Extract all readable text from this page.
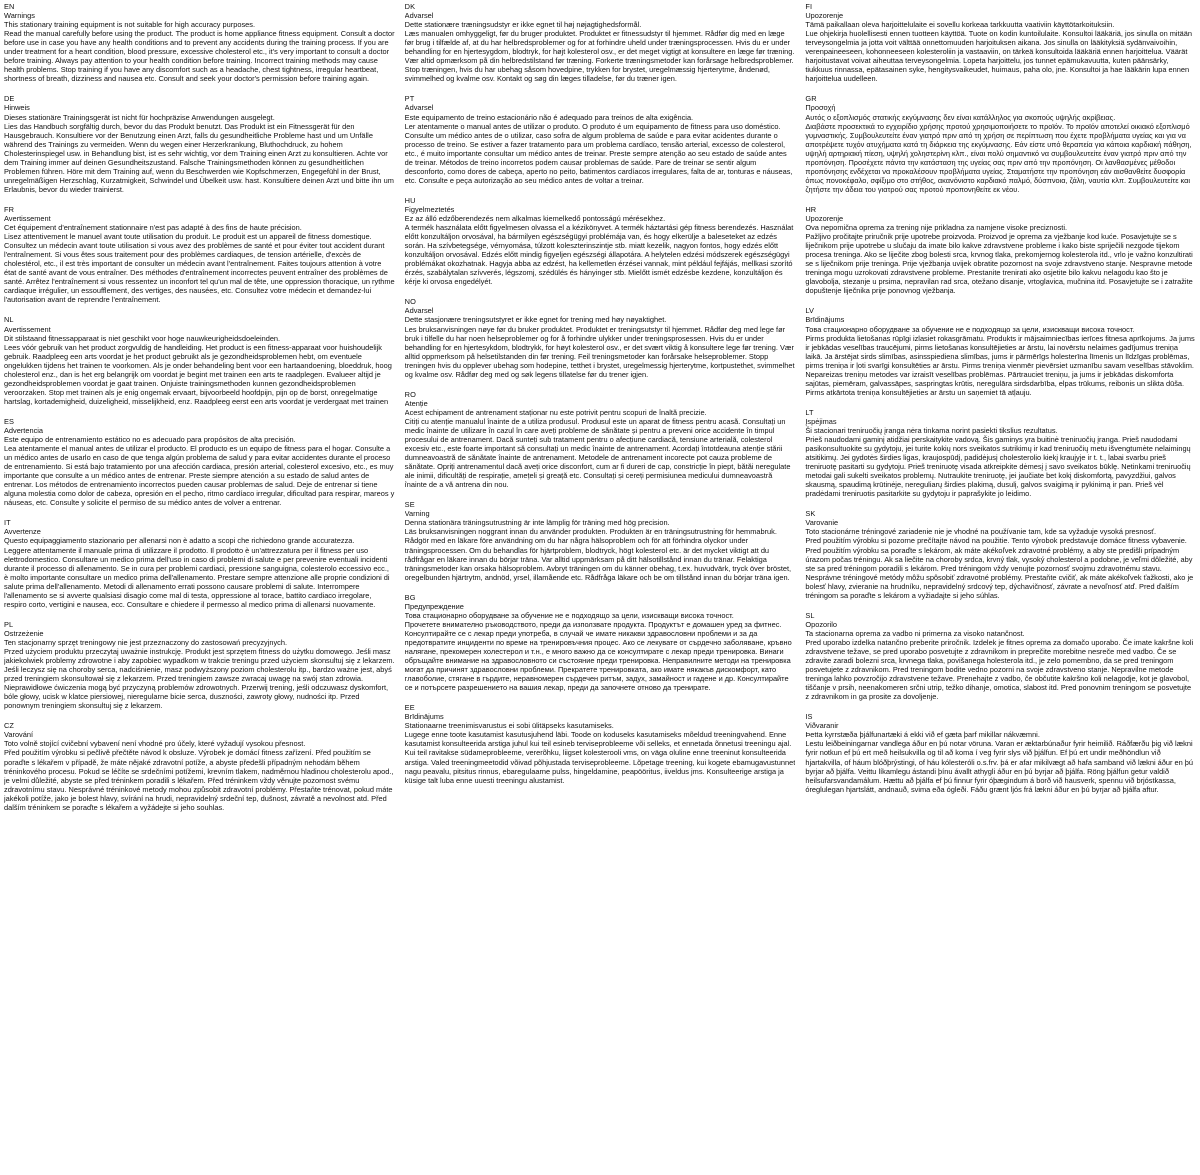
EN
Warnings
This stationary training equipment is not suitable for high accuracy purposes.
Read the manual carefully before using the product. The product is home appliance fitness equipment. Consult a doctor before use in case you have any health conditions and to prevent any accidents during the training process. If you are under treatment for a heart condition, blood pressure, excessive cholesterol etc., it's very important to consult a doctor before training. Always pay attention to your health condition before training. Incorrect training methods may cause health problems. Stop training if you have any discomfort such as a headache, chest tightness, irregular heartbeat, shortness of breath, dizziness and nausea etc. Consult and seek your doctor's permission before training again.
DE
Hinweis
Dieses stationäre Trainingsgerät ist nicht für hochpräzise Anwendungen ausgelegt.
Lies das Handbuch sorgfältig durch, bevor du das Produkt benutzt. Das Produkt ist ein Fitnessgerät für den Hausgebrauch. Konsultiere vor der Benutzung einen Arzt, falls du gesundheitliche Probleme hast und um Unfälle während des Trainings zu vermeiden. Wenn du wegen einer Herzerkrankung, Bluthochdruck, zu hohem Cholesterinspiegel usw. in Behandlung bist, ist es sehr wichtig, vor dem Training einen Arzt zu konsultieren. Achte vor dem Training immer auf deinen Gesundheitszustand. Falsche Trainingsmethoden können zu gesundheitlichen Problemen führen. Höre mit dem Training auf, wenn du Beschwerden wie Kopfschmerzen, Engegefühl in der Brust, unregelmäßigen Herzschlag, Kurzatmigkeit, Schwindel und Übelkeit usw. hast. Konsultiere deinen Arzt und bitte ihn um Erlaubnis, bevor du wieder trainierst.
FR
Avertissement
Cet équipement d'entraînement stationnaire n'est pas adapté à des fins de haute précision.
Lisez attentivement le manuel avant toute utilisation du produit. Le produit est un appareil de fitness domestique. Consultez un médecin avant toute utilisation si vous avez des problèmes de santé et pour éviter tout accident durant l'entraînement. Si vous êtes sous traitement pour des problèmes cardiaques, de tension artérielle, d'excès de cholestérol, etc., il est très important de consulter un médecin avant l'entraînement. Faites toujours attention à votre état de santé avant de vous entraîner. Des méthodes d'entraînement incorrectes peuvent entraîner des problèmes de santé. Arrêtez l'entraînement si vous ressentez un inconfort tel qu'un mal de tête, une oppression thoracique, un rythme cardiaque irrégulier, un essoufflement, des vertiges, des nausées, etc. Consultez votre médecin et demandez-lui l'autorisation avant de reprendre l'entraînement.
NL
Avertissement
Dit stilstaand fitnessapparaat is niet geschikt voor hoge nauwkeurigheidsdoeleinden.
Lees vóór gebruik van het product zorgvuldig de handleiding. Het product is een fitness-apparaat voor huishoudelijk gebruik. Raadpleeg een arts voordat je het product gebruikt als je gezondheidsproblemen hebt, om eventuele ongelukken tijdens het trainen te voorkomen. Als je onder behandeling bent voor een hartaandoening, bloeddruk, hoog cholesterol enz., dan is het erg belangrijk om voordat je begint met trainen een arts te raadplegen. Evalueer altijd je gezondheidsproblemen voordat je gaat trainen. Onjuiste trainingsmethoden kunnen gezondheidsproblemen veroorzaken. Stop met trainen als je enig ongemak ervaart, bijvoorbeeld hoofdpijn, pijn op de borst, onregelmatige hartslag, kortademigheid, duizeligheid, misselijkheid, enz. Raadpleeg eerst een arts voordat je verdergaat met trainen
ES
Advertencia
Este equipo de entrenamiento estático no es adecuado para propósitos de alta precisión.
Lea atentamente el manual antes de utilizar el producto. El producto es un equipo de fitness para el hogar. Consulte a un médico antes de usarlo en caso de que tenga algún problema de salud y para evitar accidentes durante el proceso de entrenamiento. Si está bajo tratamiento por una afección cardiaca, presión arterial, colesterol excesivo, etc., es muy importante que consulte a un médico antes de entrenar. Preste siempre atención a su estado de salud antes de entrenar. Los métodos de entrenamiento incorrectos pueden causar problemas de salud. Deje de entrenar si tiene alguna molestia como dolor de cabeza, opresión en el pecho, ritmo cardíaco irregular, dificultad para respirar, mareos y náuseas, etc. Consulte y solicite el permiso de su médico antes de volver a entrenar.
IT
Avvertenze
Questo equipaggiamento stazionario per allenarsi non è adatto a scopi che richiedono grande accuratezza.
Leggere attentamente il manuale prima di utilizzare il prodotto. Il prodotto è un'attrezzatura per il fitness per uso elettrodomestico. Consultare un medico prima dell'uso in caso di problemi di salute e per prevenire eventuali incidenti durante il processo di allenamento. Se in cura per problemi cardiaci, pressione sanguigna, colesterolo eccessivo ecc., è molto importante consultare un medico prima dell'allenamento. Prestare sempre attenzione alle proprie condizioni di salute prima dell'allenamento. Metodi di allenamento errati possono causare problemi di salute. Interrompere l'allenamento se si avverte qualsiasi disagio come mal di testa, oppressione al torace, battito cardiaco irregolare, respiro corto, vertigini e nausea, ecc. Consultare e chiedere il permesso al medico prima di allenarsi nuovamente.
PL
Ostrzeżenie
Ten stacjonarny sprzęt treningowy nie jest przeznaczony do zastosowań precyzyjnych.
Przed użyciem produktu przeczytaj uważnie instrukcję. Produkt jest sprzętem fitness do użytku domowego. Jeśli masz jakiekolwiek problemy zdrowotne i aby zapobiec wypadkom w trakcie treningu przed użyciem skonsultuj się z lekarzem. Jeśli leczysz się na choroby serca, nadciśnienie, masz podwyższony poziom cholesterolu itp., bardzo ważne jest, abyś przed treningiem skonsultował się z lekarzem. Przed treningiem zawsze zwracaj uwagę na swój stan zdrowia. Nieprawidłowe ćwiczenia mogą być przyczyną problemów zdrowotnych. Przerwij trening, jeśli odczuwasz dyskomfort, bóle głowy, ucisk w klatce piersiowej, nieregularne bicie serca, duszności, zawroty głowy, nudności itp. Przed ponownym treningiem skonsultuj się z lekarzem.
CZ
Varování
Toto volně stojící cvičební vybavení není vhodné pro účely, které vyžadují vysokou přesnost.
Před použitím výrobku si pečlivě přečtěte návod k obsluze. Výrobek je domácí fitness zařízení. Před použitím se poraďte s lékařem v případě, že máte nějaké zdravotní potíže, a abyste předešli případným nehodám během tréninkového procesu. Pokud se léčíte se srdečními potížemi, krevním tlakem, nadměrnou hladinou cholesterolu apod., je velmi důležité, abyste se před tréninkem poradili s lékařem. Před tréninkem vždy věnujte pozornost svému zdravotnímu stavu. Nesprávné tréninkové metody mohou způsobit zdravotní problémy. Přestaňte trénovat, pokud máte jakékoli potíže, jako je bolest hlavy, svírání na hrudi, nepravidelný srdeční tep, dušnost, závratě a nevolnost atd. Před dalším tréninkem se poraďte s lékařem a vyžádejte si jeho souhlas.
DK
Advarsel
Dette stationære træningsudstyr er ikke egnet til høj nøjagtighedsformål.
Læs manualen omhyggeligt, før du bruger produktet. Produktet er fitnessudstyr til hjemmet. Rådfør dig med en læge før brug i tilfælde af, at du har helbredsproblemer og for at forhindre uheld under træningsprocessen. Hvis du er under behandling for en hjertesygdom, blodtryk, for højt kolesterol osv., er det meget vigtigt at konsultere en læge før træning. Vær altid opmærksom på din helbredstilstand før træning. Forkerte træningsmetoder kan forårsage helbredsproblemer. Stop træningen, hvis du har ubehag såsom hovedpine, trykken for brystet, uregelmæssig hjerterytme, åndenød, svimmelhed og kvalme osv. Kontakt og søg din læges tilladelse, før du træner igen.
PT
Advarsel
Este equipamento de treino estacionário não é adequado para treinos de alta exigência.
Ler atentamente o manual antes de utilizar o produto. O produto é um equipamento de fitness para uso doméstico. Consulte um médico antes de o utilizar, caso sofra de algum problema de saúde e para evitar acidentes durante o processo de treino. Se estiver a fazer tratamento para um problema cardíaco, tensão arterial, excesso de colesterol, etc., é muito importante consultar um médico antes de treinar. Preste sempre atenção ao seu estado de saúde antes de treinar. Métodos de treino incorretos podem causar problemas de saúde. Pare de treinar se sentir algum desconforto, como dores de cabeça, aperto no peito, batimentos cardíacos irregulares, falta de ar, tonturas e náuseas, etc. Consulte e peça autorização ao seu médico antes de voltar a treinar.
HU
Figyelmeztetés
Ez az álló edzőberendezés nem alkalmas kiemelkedő pontosságú mérésekhez.
A termék használata előtt figyelmesen olvassa el a kézikönyvet. A termék háztartási gép fitness berendezés. Használat előtt konzultáljon orvosával, ha bármilyen egészségügyi problémája van, és hogy elkerülje a baleseteket az edzés során. Ha szívbetegsége, vérnyomása, túlzott koleszterinszintje stb. miatt kezelik, nagyon fontos, hogy edzés előtt konzultáljon orvosával. Edzés előtt mindig figyeljen egészségi állapotára. A helytelen edzési módszerek egészségügyi problémákat okozhatnak. Hagyja abba az edzést, ha kellemetlen érzései vannak, mint például fejfájás, mellkasi szorító érzés, szabálytalan szívverés, légszomj, szédülés és hányinger stb. Mielőtt ismét edzésbe kezdene, konzultáljon és kérje ki orvosa engedélyét.
NO
Advarsel
Dette stasjonære treningsutstyret er ikke egnet for trening med høy nøyaktighet.
Les bruksanvisningen nøye før du bruker produktet. Produktet er treningsutstyr til hjemmet. Rådfør deg med lege før bruk i tilfelle du har noen helseproblemer og for å forhindre ulykker under treningsprosessen. Hvis du er under behandling for en hjertesykdom, blodtrykk, for høyt kolesterol osv., er det svært viktig å konsultere lege før trening. Vær alltid oppmerksom på helsetilstanden din før trening. Feil treningsmetoder kan forårsake helseproblemer. Stopp treningen hvis du opplever ubehag som hodepine, tetthet i brystet, uregelmessig hjerterytme, kortpustethet, svimmelhet og kvalme osv. Rådfør deg med og søk legens tillatelse før du trener igjen.
RO
Atenție
Acest echipament de antrenament staționar nu este potrivit pentru scopuri de înaltă precizie.
Citiți cu atenție manualul înainte de a utiliza produsul. Produsul este un aparat de fitness pentru acasă. Consultați un medic înainte de utilizare în cazul în care aveți probleme de sănătate și pentru a preveni orice accidente în timpul procesului de antrenament. Dacă sunteți sub tratament pentru o afecțiune cardiacă, tensiune arterială, colesterol excesiv etc., este foarte important să consultați un medic înainte de antrenament. Acordați întotdeauna atenție stării dumneavoastră de sănătate înainte de antrenament. Metodele de antrenament incorecte pot cauza probleme de sănătate. Opriți antrenamentul dacă aveți orice disconfort, cum ar fi dureri de cap, constricție în piept, bătăi neregulate ale inimii, dificultăți de respirație, amețeli și greață etc. Consultați și cereți permisiunea medicului dumneavoastră înainte de a vă antrena din nou.
SE
Varning
Denna stationära träningsutrustning är inte lämplig för träning med hög precision.
Läs bruksanvisningen noggrant innan du använder produkten. Produkten är en träningsutrustning för hemmabruk. Rådgör med en läkare före användning om du har några hälsoproblem och för att förhindra olyckor under träningsprocessen. Om du behandlas för hjärtproblem, blodtryck, högt kolesterol etc. är det mycket viktigt att du rådfrågar en läkare innan du börjar träna. Var alltid uppmärksam på ditt hälsotillstånd innan du tränar. Felaktiga träningsmetoder kan orsaka hälsoproblem. Avbryt träningen om du känner obehag, t.ex. huvudvärk, tryck över bröstet, oregelbunden hjärtrytm, andnöd, yrsel, illamående etc. Rådfråga läkare och be om tillstånd innan du börjar träna igen.
BG
Предупреждение
Това стационарно оборудване за обучение не е подходящо за цели, изискващи висока точност.
Прочетете внимателно ръководството, преди да използвате продукта. Продуктът е домашен уред за фитнес. Консултирайте се с лекар преди употреба, в случай че имате никакви здравословни проблеми и за да предотвратите инциденти по време на тренировъчния процес. Ако се лекувате от сърдечно заболяване, кръвно налягане, прекомерен холестерол и т.н., е много важно да се консултирате с лекар преди тренировка. Винаги обръщайте внимание на здравословното си състояние преди тренировка. Неправилните методи на тренировка могат да причинят здравословни проблеми. Прекратете тренировката, ако имате някакъв дискомфорт, като главоболие, стягане в гърдите, неравномерен сърдечен ритъм, задух, замайност и гадене и др. Консултирайте се и потърсете разрешението на вашия лекар, преди да започнете отново да тренирате.
EE
Brīdinājums
Stationaarne treenimisvarustus ei sobi ülitäpseks kasutamiseks.
Lugege enne toote kasutamist kasutusjuhend läbi. Toode on koduseks kasutamiseks mõeldud treeningvahend. Enne kasutamist konsulteerida arstiga juhul kui teil esineb terviseprobleeme või selleks, et ennetada õnnetusi treeningu ajal. Kui teil ravitakse südameprobleeme, vererõhku, liigset kolesterooli vms, on väga oluline enne treeninut konsulteerida arstiga. Valed treeningmeetodid võivad põhjustada terviseprobleeme. Lõpetage treening, kui kogete ebamugavustunnet nagu peavalu, pitsitus rinnus, ebaregulaarne pulss, hingeldamine, peapööritus, iiveldus jms. Konsulteerige arstiga ja küsige talt luba enne uuesti treeningu alustamist.
FI
Upozorenje
Tämä paikallaan oleva harjoittelulaite ei sovellu korkeaa tarkkuutta vaativiin käyttötarkoituksiin.
Lue ohjekirja huolellisesti ennen tuotteen käyttöä. Tuote on kodin kuntoilulaite. Konsultoi lääkäriä, jos sinulla on mitään terveysongelmia ja jotta voit välttää onnettomuuden harjoituksen aikana. Jos sinulla on lääkityksiä sydänvaivoihin, verenpaineeseen, kohonneeseen kolesteroliin ja vastaaviin, on tärkeä konsultoida lääkäriä ennen harjoittelua. Väärät harjoitustavat voivat aiheuttaa terveysongelmia. Lopeta harjoittelu, jos tunnet epämukavuutta, kuten päänsärky, tiukkuus rinnassa, epätasainen syke, hengitysvaikeudet, huimaus, paha olo, jne. Konsultoi ja hae lääkärin lupa ennen harjoittelua uudelleen.
GR
Προσοχή
Αυτός ο εξοπλισμός στατικής εκγύμνασης δεν είναι κατάλληλος για σκοπούς υψηλής ακρίβειας.
Διαβάστε προσεκτικά το εγχειρίδιο χρήσης προτού χρησιμοποιήσετε το προϊόν. Το προϊόν αποτελεί οικιακό εξοπλισμό γυμναστικής. Συμβουλευτείτε έναν γιατρό πριν από τη χρήση σε περίπτωση που έχετε προβλήματα υγείας και για να αποτρέψετε τυχόν ατυχήματα κατά τη διάρκεια της εκγύμνασης. Εάν είστε υπό θεραπεία για κάποια καρδιακή πάθηση, υψηλή αρτηριακή πίεση, υψηλή χοληστερίνη κλπ., είναι πολύ σημαντικό να συμβουλευτείτε έναν γιατρό πριν από την προπόνηση. Προσέχετε πάντα την κατάσταση της υγείας σας πριν από την προπόνηση. Οι λανθασμένες μέθοδοι προπόνησης ενδέχεται να προκαλέσουν προβλήματα υγείας. Σταματήστε την προπόνηση εάν αισθανθείτε δυσφορία όπως πονοκέφαλο, σφίξιμο στο στήθος, ακανόνιστο καρδιακό παλμό, δύσπνοια, ζάλη, ναυτία κλπ. Συμβουλευτείτε και ζητήστε την άδεια του γιατρού σας προτού προπονηθείτε εκ νέου.
HR
Upozorenje
Ova nepomična oprema za trening nije prikladna za namjene visoke preciznosti.
Pažljivo pročitajte priručnik prije upotrebe proizvoda. Proizvod je oprema za vježbanje kod kuće. Posavjetujte se s liječnikom prije upotrebe u slučaju da imate bilo kakve zdravstvene probleme i kako biste spriječili nezgode tijekom procesa treninga. Ako se liječite zbog bolesti srca, krvnog tlaka, prekomjernog kolesterola itd., vrlo je važno konzultirati se s liječnikom prije treninga. Prije vježbanja uvijek obratite pozornost na svoje zdravstveno stanje. Nespravne metode treninga mogu uzrokovati zdravstvene probleme. Prestanite trenirati ako osjetite bilo kakvu nelagodu kao što je glavobolja, stezanje u prsima, nepravilan rad srca, otežano disanje, vrtoglavica, mučnina itd. Posavjetujte se i zatražite dopuštenje liječnika prije ponovnog vježbanja.
LV
Brīdinājums
Това стационарно оборудване за обучение не е подходящо за цели, изискващи висока точност.
Pirms produkta lietošanas rūpīgi izlasiet rokasgrāmatu. Produkts ir mājsaimniecības ierīces fitnesa aprīkojums. Ja jums ir jebkādas veselības traucējumi, pirms lietošanas konsultējieties ar ārstu, lai novērstu nelaimes gadījumus treniņa laikā. Ja ārstējat sirds slimības, asinsspiediena slimības, jums ir pārmērīgs holesterīna līmenis un līdzīgas problēmas, pirms treniņa ir ļoti svarīgi konsultēties ar ārstu. Pirms treniņa vienmēr pievērsiet uzmanību savam veselības stāvoklim. Nepareizas treniņu metodes var izraisīt veselības problēmas. Pārtrauciet treniņu, ja jums ir jebkādas diskomforta sajūtas, piemēram, galvassāpes, saspringtas krūtis, neregulāra sirdsdarbība, elpas trūkums, reibonis un slikta dūša. Pirms atkārtota treniņa konsultējieties ar ārstu un saņemiet tā atļauju.
LT
Įspėjimas
Ši stacionari treniruočių įranga nėra tinkama norint pasiekti tikslius rezultatus.
Prieš naudodami gaminį atidžiai perskaitykite vadovą. Šis gaminys yra buitinė treniruočių įranga. Prieš naudodami pasikonsultuokite su gydytoju, jei turite kokių nors sveikatos sutrikimų ir kad treniruočių metu išvengtumėte nelaimingų atsitikimų. Jei gydotės širdies ligas, kraujospūdį, padidėjusį cholesterolio kiekį kraujyje ir t. t., labai svarbu prieš treniruotę pasitarti su gydytoju. Prieš treniruotę visada atkreipkite dėmesį į savo sveikatos būklę. Netinkami treniruočių metodai gali sukelti sveikatos problemų. Nutraukite treniruotę, jei jaučiate bet kokį diskomfortą, pavyzdžiui, galvos skausmą, spaudimą krūtinėje, nereguliarų širdies plakimą, dusulį, galvos svaigimą ir pykinimą ir pan. Prieš vėl pradėdami treniruotis pasitarkite su gydytoju ir paprašykite jo leidimo.
SK
Varovanie
Toto stacionárne tréningové zariadenie nie je vhodné na používanie tam, kde sa vyžaduje vysoká presnosť.
Pred použitím výrobku si pozorne prečítajte návod na použitie. Tento výrobok predstavuje domáce fitness vybavenie. Pred použitím výrobku sa poraďte s lekárom, ak máte akékoľvek zdravotné problémy, a aby ste predišli prípadným úrazom počas tréningu. Ak sa liečite na choroby srdca, krvný tlak, vysoký cholesterol a podobne, je veľmi dôležité, aby ste sa pred tréningom poradili s lekárom. Pred tréningom vždy venujte pozornosť svojmu zdravotnému stavu. Nesprávne tréningové metódy môžu spôsobiť zdravotné problémy. Prestaňte cvičiť, ak máte akékoľvek ťažkosti, ako je bolesť hlavy, zvieranie na hrudníku, nepravidelný srdcový tep, dýchavičnosť, závrate a nevoľnosť atď. Pred ďalším tréningom sa poraďte s lekárom a vyžiadajte si jeho súhlas.
SL
Opozorilo
Ta stacionarna oprema za vadbo ni primerna za visoko natančnost.
Pred uporabo izdelka natančno preberite priročnik. Izdelek je fitnes oprema za domačo uporabo. Če imate kakršne koli zdravstvene težave, se pred uporabo posvetujte z zdravnikom in preprečite morebitne nesreče med vadbo. Če se zdravite zaradi bolezni srca, krvnega tlaka, povišanega holesterola itd., je zelo pomembno, da se pred treningom posvetujete z zdravnikom. Pred treningom bodite vedno pozorni na svoje zdravstveno stanje. Nepravilne metode treninga lahko povzročijo zdravstvene težave. Prenehajte z vadbo, če občutite kakršno koli nelagodje, kot je glavobol, tiščanje v prsih, neenakomeren srčni utrip, težko dihanje, omotica, slabost itd. Pred ponovnim treningom se posvetujte z zdravnikom in ga prosite za dovoljenje.
IS
Viðvaranir
Þetta kyrrstæða þjálfunartæki á ekki við ef gæta þarf mikillar nákvæmni.
Lestu leiðbeiningarnar vandlega áður en þú notar vöruna. Varan er æktarbúnaður fyrir heimilið. Ráðfærðu þig við lækni fyrir notkun ef þú ert með heilsukvilla og til að koma í veg fyrir slys við þjálfun. Ef þú ert undir meðhöndlun við hjartakvilla, of háum blóðþrýstingi, of háu kólesteróli o.s.frv. þá er afar mikilvægt að hafa samband við lækni áður en þú byrjar að þjálfa. Veittu líkamlegu ástandi þínu ávallt athygli áður en þú byrjar að þjálfa. Röng þjálfun getur valdið heilsufarsvandamálum. Hættu að þjálfa ef þú finnur fyrir óþægindum á borð við hausverk, spennu við brjóstkassa, óreglulegan hjartslátt, andnauð, svima eða ógleði. Fáðu grænt ljós frá lækni áður en þú byrjar að þjálfa aftur.
